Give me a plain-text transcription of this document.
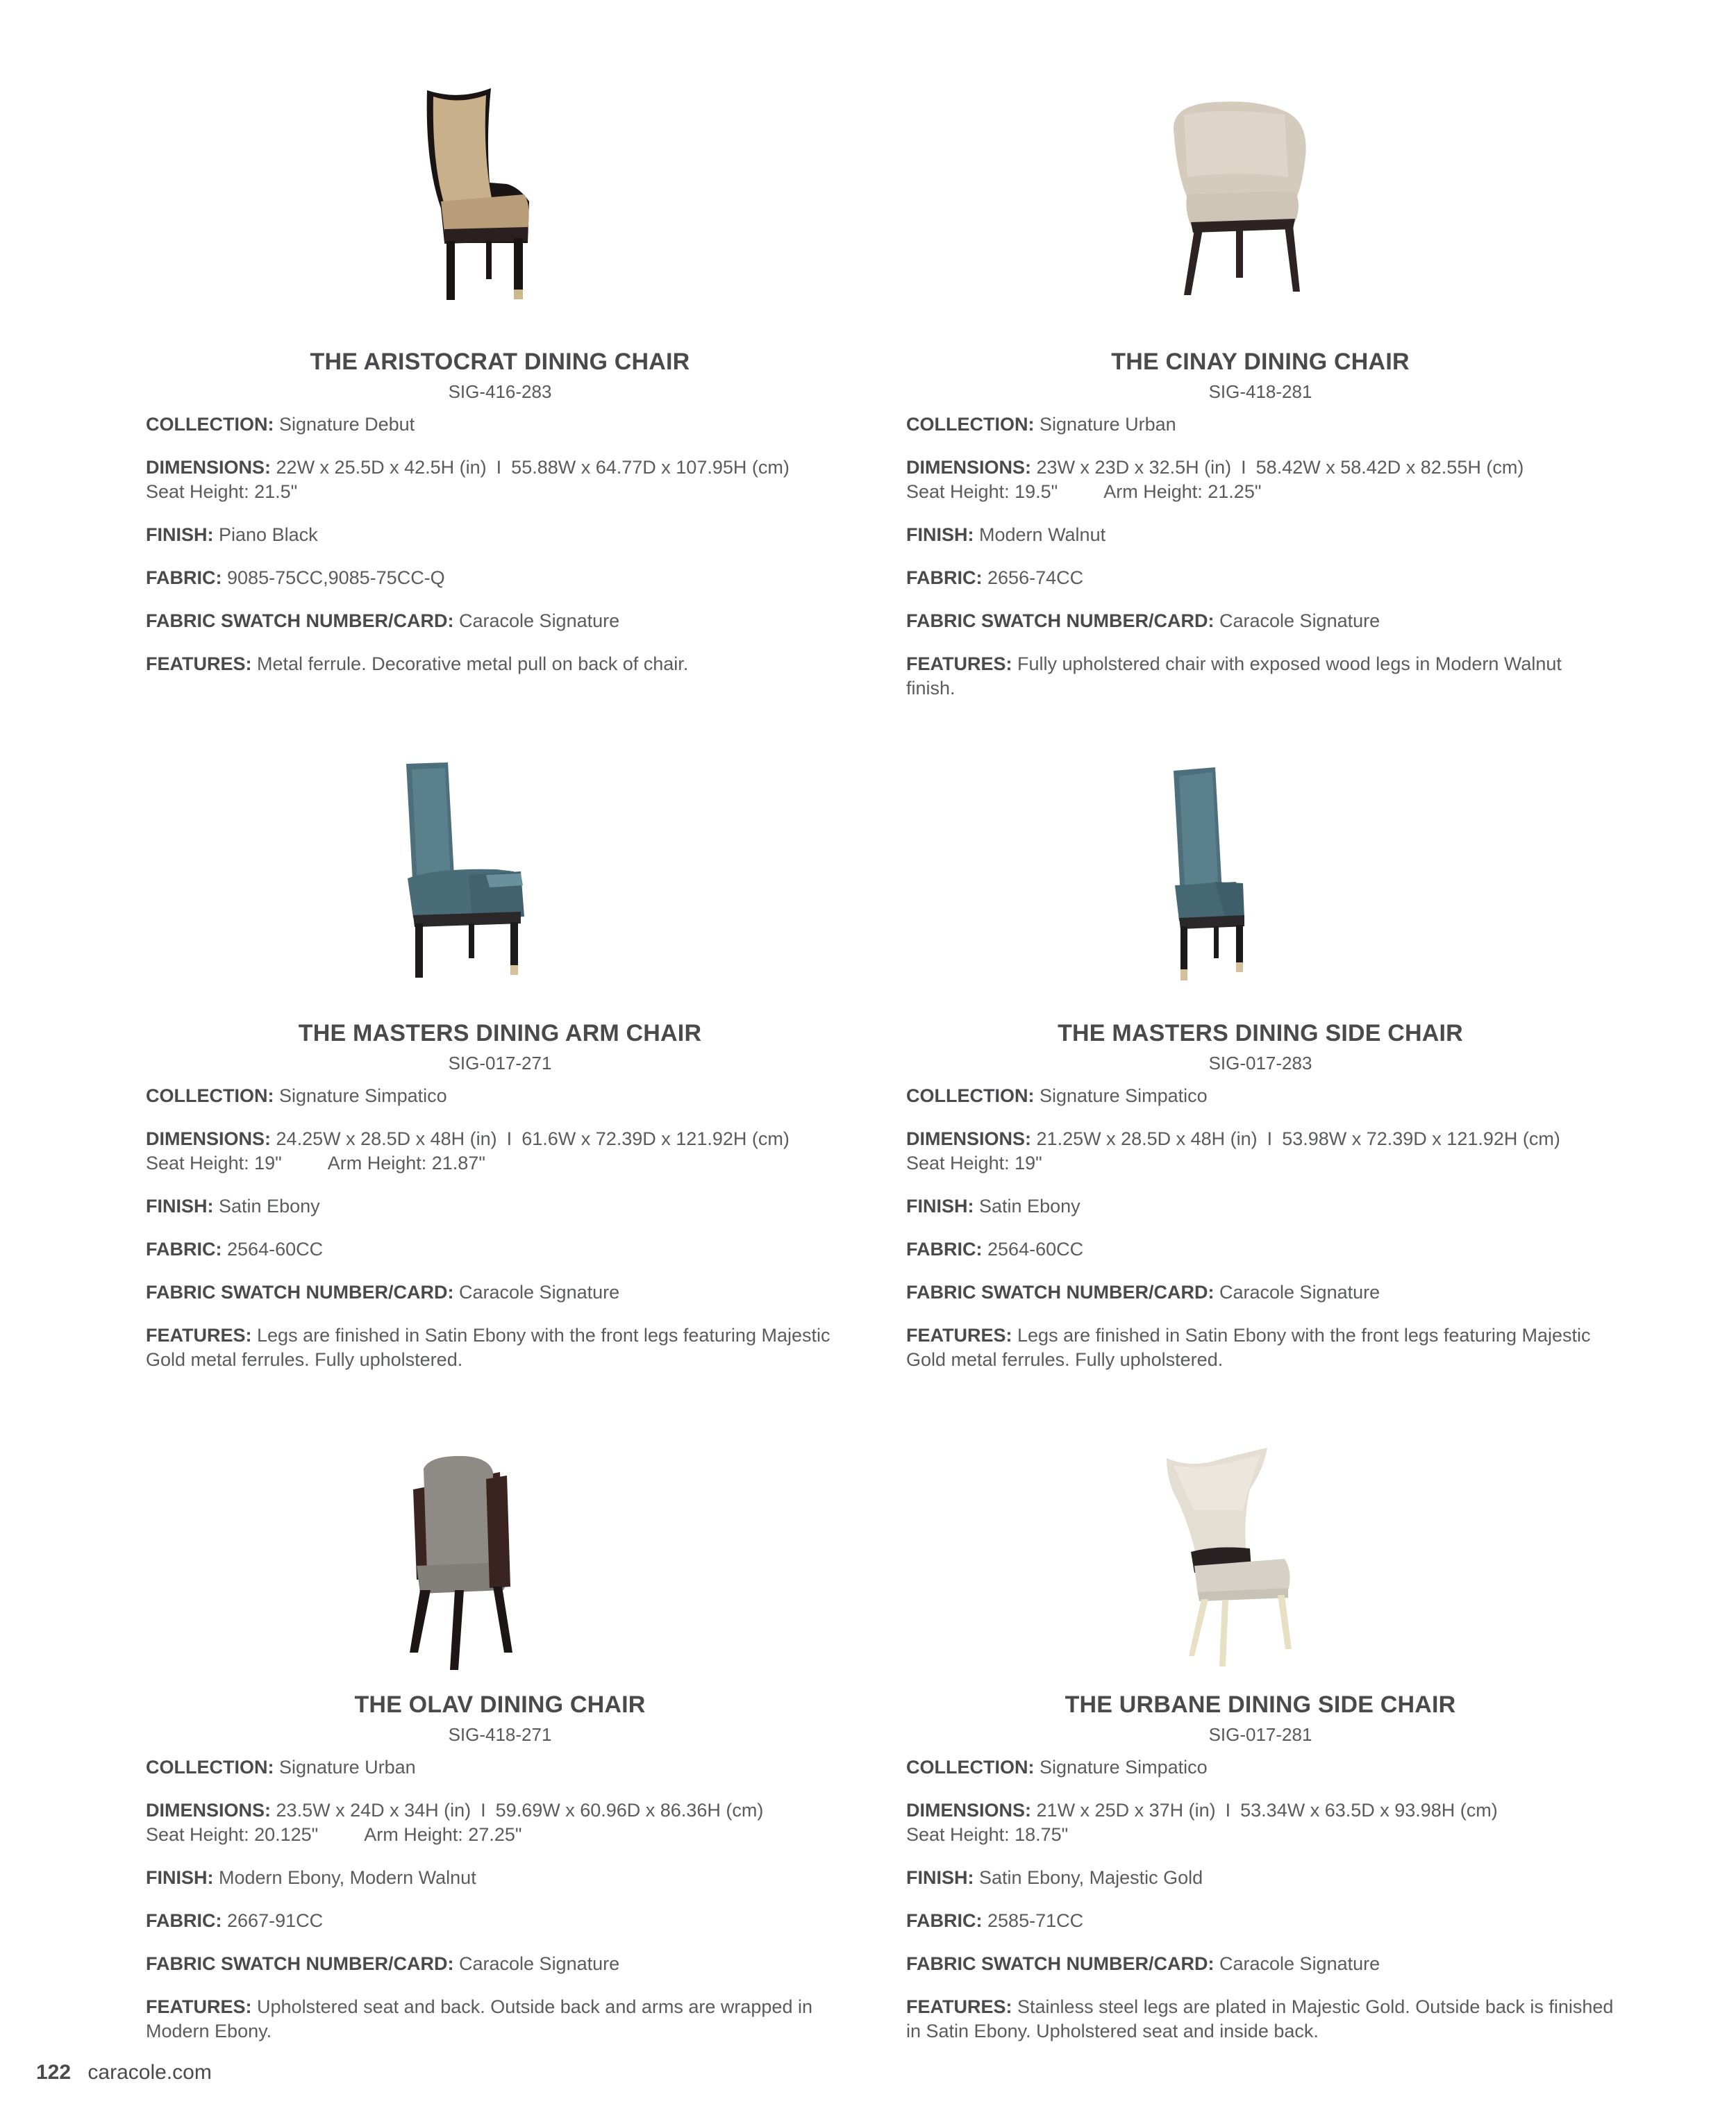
THE ARISTOCRAT DINING CHAIR
SIG-416-283
COLLECTION: Signature Debut
DIMENSIONS: 22W x 25.5D x 42.5H (in) I 55.88W x 64.77D x 107.95H (cm)
Seat Height: 21.5"
FINISH: Piano Black
FABRIC: 9085-75CC,9085-75CC-Q
FABRIC SWATCH NUMBER/CARD: Caracole Signature
FEATURES: Metal ferrule. Decorative metal pull on back of chair.
THE CINAY DINING CHAIR
SIG-418-281
COLLECTION: Signature Urban
DIMENSIONS: 23W x 23D x 32.5H (in) I 58.42W x 58.42D x 82.55H (cm)
Seat Height: 19.5" Arm Height: 21.25"
FINISH: Modern Walnut
FABRIC: 2656-74CC
FABRIC SWATCH NUMBER/CARD: Caracole Signature
FEATURES: Fully upholstered chair with exposed wood legs in Modern Walnut finish.
THE MASTERS DINING ARM CHAIR
SIG-017-271
COLLECTION: Signature Simpatico
DIMENSIONS: 24.25W x 28.5D x 48H (in) I 61.6W x 72.39D x 121.92H (cm)
Seat Height: 19" Arm Height: 21.87"
FINISH: Satin Ebony
FABRIC: 2564-60CC
FABRIC SWATCH NUMBER/CARD: Caracole Signature
FEATURES: Legs are finished in Satin Ebony with the front legs featuring Majestic Gold metal ferrules. Fully upholstered.
THE MASTERS DINING SIDE CHAIR
SIG-017-283
COLLECTION: Signature Simpatico
DIMENSIONS: 21.25W x 28.5D x 48H (in) I 53.98W x 72.39D x 121.92H (cm)
Seat Height: 19"
FINISH: Satin Ebony
FABRIC: 2564-60CC
FABRIC SWATCH NUMBER/CARD: Caracole Signature
FEATURES: Legs are finished in Satin Ebony with the front legs featuring Majestic Gold metal ferrules. Fully upholstered.
THE OLAV DINING CHAIR
SIG-418-271
COLLECTION: Signature Urban
DIMENSIONS: 23.5W x 24D x 34H (in) I 59.69W x 60.96D x 86.36H (cm)
Seat Height: 20.125" Arm Height: 27.25"
FINISH: Modern Ebony, Modern Walnut
FABRIC: 2667-91CC
FABRIC SWATCH NUMBER/CARD: Caracole Signature
FEATURES: Upholstered seat and back. Outside back and arms are wrapped in Modern Ebony.
THE URBANE DINING SIDE CHAIR
SIG-017-281
COLLECTION: Signature Simpatico
DIMENSIONS: 21W x 25D x 37H (in) I 53.34W x 63.5D x 93.98H (cm)
Seat Height: 18.75"
FINISH: Satin Ebony, Majestic Gold
FABRIC: 2585-71CC
FABRIC SWATCH NUMBER/CARD: Caracole Signature
FEATURES: Stainless steel legs are plated in Majestic Gold. Outside back is finished in Satin Ebony. Upholstered seat and inside back.
122 caracole.com
